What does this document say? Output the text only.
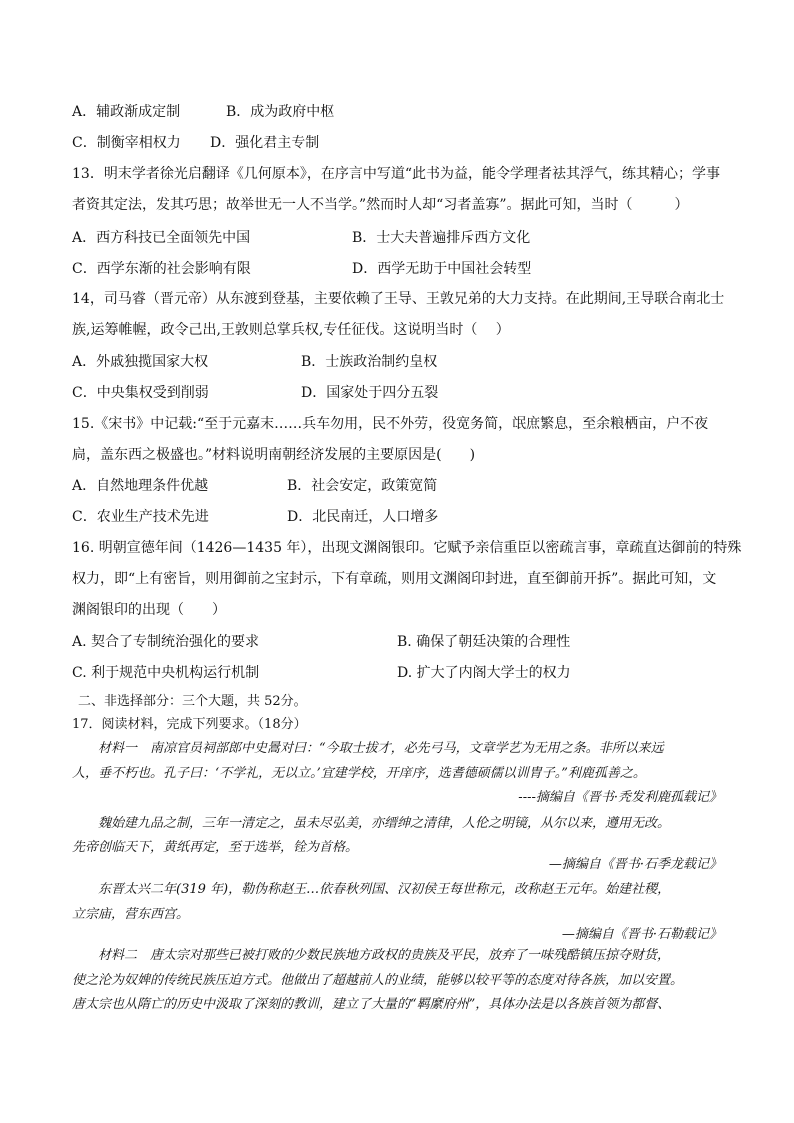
A．辅政渐成定制	B．成为政府中枢
C．制衡宰相权力 D．强化君主专制
13．明末学者徐光启翻译《几何原本》，在序言中写道“此书为益，能令学理者祛其浮气，练其精心；学事
者资其定法，发其巧思；故举世无一人不当学。”然而时人却“习者盖寡”。据此可知，当时（　　　）
A．西方科技已全面领先中国	B．士大夫普遍排斥西方文化
C．西学东渐的社会影响有限	D．西学无助于中国社会转型
14，司马睿（晋元帝）从东渡到登基，主要依赖了王导、王敦兄弟的大力支持。在此期间,王导联合南北士
族,运筹帷幄，政令己出,王敦则总掌兵权,专任征伐。这说明当时（　 ）
A．外戚独揽国家大权	B．士族政治制约皇权
C．中央集权受到削弱	D．国家处于四分五裂
15.《宋书》中记载:“至于元嘉末……兵车勿用，民不外劳，役宽务简，氓庶繁息，至余粮栖亩，户不夜
扃，盖东西之极盛也。”材料说明南朝经济发展的主要原因是(　　)
A．自然地理条件优越	B．社会安定，政策宽简
C．农业生产技术先进	D．北民南迁，人口增多
16. 明朝宣德年间（1426—1435 年），出现文渊阁银印。它赋予亲信重臣以密疏言事，章疏直达御前的特殊
权力，即“上有密旨，则用御前之宝封示，下有章疏，则用文渊阁印封进，直至御前开拆”。据此可知，文
渊阁银印的出现（　　）
A. 契合了专制统治强化的要求	B. 确保了朝廷决策的合理性
C. 利于规范中央机构运行机制	D. 扩大了内阁大学士的权力
二、非选择部分：三个大题，共 52分。
17．阅读材料，完成下列要求。（18分）
材料一　南凉官员祠部郎中史暠对曰：“今取士拔才，必先弓马，文章学艺为无用之条。非所以来远
人，垂不朽也。孔子曰：‘不学礼，无以立。’宜建学校，开庠序，选耆德硕儒以训胄子。”利鹿孤善之。
----摘编自《晋书·秃发利鹿孤载记》
魏始建九品之制，三年一清定之，虽未尽弘美，亦缙绅之清律，人伦之明镜，从尔以来，遵用无改。
先帝创临天下，黄纸再定，至于选举，铨为首格。
—摘编自《晋书·石季龙载记》
东晋太兴二年(319 年)，勒伪称赵王…依春秋列国、汉初侯王每世称元，改称赵王元年。始建社稷，
立宗庙，营东西宫。
—摘编自《晋书·石勒载记》
材料二　唐太宗对那些已被打败的少数民族地方政权的贵族及平民，放弃了一味残酷镇压掠夺财货，
使之沦为奴婢的传统民族压迫方式。他做出了超越前人的业绩，能够以较平等的态度对待各族，加以安置。
唐太宗也从隋亡的历史中汲取了深刻的教训，建立了大量的“羁縻府州”，具体办法是以各族首领为都督、
